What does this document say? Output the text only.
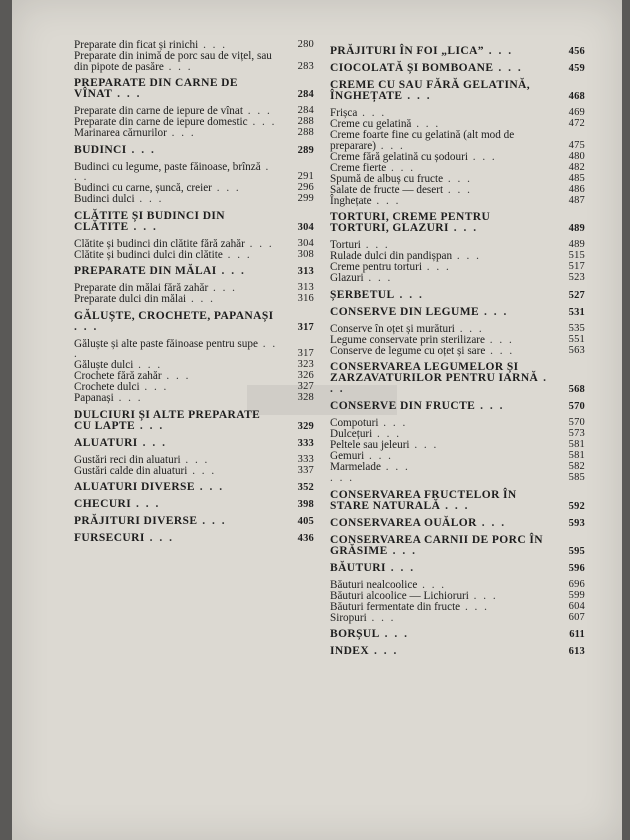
Preparate din ficat și rinichi . . .	280
Preparate din inimă de porc sau de vițel, sau din pipote de pasăre . . .	283
PREPARATE DIN CARNE DE VÎNAT . . .	284
Preparate din carne de iepure de vînat . . . 284
Preparate din carne de iepure domestic . . . 288
Marinarea cărnurilor . . .	288
BUDINCI . . .	289
Budinci cu legume, paste făinoase, brînză . . .	291
Budinci cu carne, șuncă, creier . . .	296
Budinci dulci . . .	299
CLĂTITE ȘI BUDINCI DIN CLĂTITE . . .	304
Clătite și budinci din clătite fără zahăr . . . 304
Clătite și budinci dulci din clătite . . .	308
PREPARATE DIN MĂLAI . . .	313
Preparate din mălai fără zahăr . . .	313
Preparate dulci din mălai . . .	316
GĂLUȘTE, CROCHETE, PAPANAȘI . . .	317
Găluște și alte paste făinoase pentru supe . . .	317
Găluște dulci . . .	323
Crochete fără zahăr . . .	326
Crochete dulci . . .	327
Papanași . . .	328
DULCIURI ȘI ALTE PREPARATE CU LAPTE . . .	329
ALUATURI . . .	333
Gustări reci din aluaturi . . .	333
Gustări calde din aluaturi . . .	337
ALUATURI DIVERSE . . .	352
CHECURI . . .	398
PRĂJITURI DIVERSE . . .	405
FURSECURI . . .	436
PRĂJITURI ÎN FOI „LICA” . . .	456
CIOCOLATĂ ȘI BOMBOANE . . .	459
CREME CU SAU FĂRĂ GELATINĂ, ÎNGHEȚATE . . .	468
Frișca . . .	469
Creme cu gelatină . . .	472
Creme foarte fine cu gelatină (alt mod de preparare) . . .	475
Creme fără gelatină cu șodouri . . .	480
Creme fierte . . .	482
Spumă de albuș cu fructe . . .	485
Salate de fructe — desert . . .	486
Înghețate . . .	487
TORTURI, CREME PENTRU TORTURI, GLAZURI . . .	489
Torturi . . .	489
Rulade dulci din pandișpan . . .	515
Creme pentru torturi . . .	517
Glazuri . . .	523
ȘERBETUL . . .	527
CONSERVE DIN LEGUME . . .	531
Conserve în oțet și murături . . .	535
Legume conservate prin sterilizare . . .	551
Conserve de legume cu oțet și sare . . .	563
CONSERVAREA LEGUMELOR ȘI ZARZAVATURILOR PENTRU IARNĂ . . .	568
CONSERVE DIN FRUCTE . . .	570
Compoturi . . .	570
Dulcețuri . . .	573
Peltele sau jeleuri . . .	581
Gemuri . . .	581
Marmelade . . .	582
. . .	585
CONSERVAREA FRUCTELOR ÎN STARE NATURALĂ . . .	592
CONSERVAREA OUĂLOR . . .	593
CONSERVAREA CARNII DE PORC ÎN GRĂSIME . . .	595
BĂUTURI . . .	596
Băuturi nealcoolice . . .	696
Băuturi alcoolice — Lichioruri . . .	599
Băuturi fermentate din fructe . . .	604
Siropuri . . .	607
BORȘUL . . .	611
INDEX . . .	613
